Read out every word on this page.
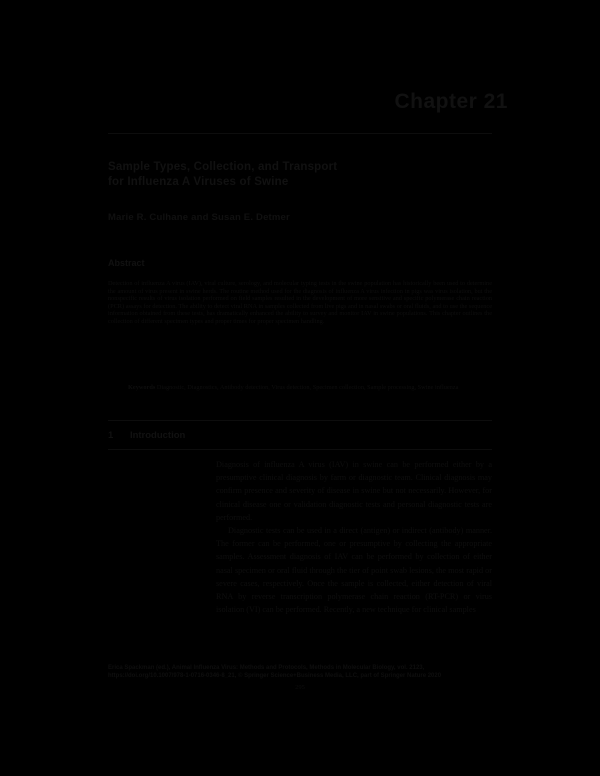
Chapter 21
Sample Types, Collection, and Transport
for Influenza A Viruses of Swine
Marie R. Culhane and Susan E. Detmer
Abstract
Detection of influenza A virus (IAV), viral culture, serology, and molecular typing tests in the swine population has historically been used to determine the amount of virus present in swine herds. The routine method used for the diagnosis of influenza A virus infection in pigs was virus isolation, but the nonspecific results of virus isolation performed on field samples resulted in the development of more sensitive and specific polymerase chain reaction (PCR) assays for detection. The ability to detect viral RNA in samples collected from live pigs and in nasal swabs or oral fluids, and to use the sequence information obtained from these tests, has dramatically enhanced the ability to survey and monitor IAV in swine populations. This chapter outlines the collection of different specimen types and proper times for proper specimen handling.
Keywords Diagnostic, Diagnostics, Antibody detection, Virus detection, Specimen collection, Sample processing, Swine influenza
1 Introduction

Diagnosis of influenza A virus (IAV) in swine can be performed either by a presumptive clinical diagnosis by farm or diagnostic team. Clinical diagnosis may confirm presence and severity of disease in swine but not necessarily. However, for clinical disease one or validation diagnostic tests and personal diagnostic tests are performed.

Diagnostic tests can be used in a direct (antigen) or indirect (antibody) manner. The former can be performed, one or presumptive by collecting the appropriate samples. Assessment diagnosis of IAV can be performed by collection of either nasal specimen or oral fluid through the tier of point swab lesions, the most rapid or severe cases, respectively. Once the sample is collected, either detection of viral RNA by reverse transcription polymerase chain reaction (RT-PCR) or virus isolation (VI) can be performed. Recently, a new technique for clinical samples

Erica Spackman (ed.), Animal Influenza Virus: Methods and Protocols, Methods in Molecular Biology, vol. 2123, https://doi.org/10.1007/978-1-0716-0346-8_21, © Springer Science+Business Media, LLC, part of Springer Nature 2020
295
